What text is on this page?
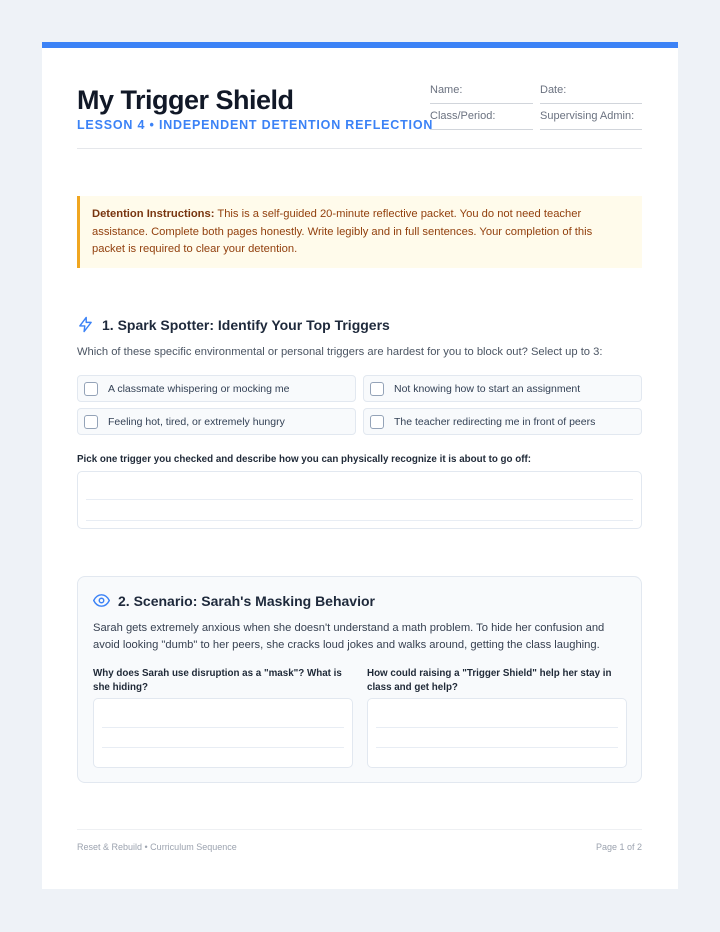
My Trigger Shield
LESSON 4 • INDEPENDENT DETENTION REFLECTION
Name:	Date:
Class/Period:	Supervising Admin:
Detention Instructions: This is a self-guided 20-minute reflective packet. You do not need teacher assistance. Complete both pages honestly. Write legibly and in full sentences. Your completion of this packet is required to clear your detention.
1. Spark Spotter: Identify Your Top Triggers
Which of these specific environmental or personal triggers are hardest for you to block out? Select up to 3:
A classmate whispering or mocking me	Not knowing how to start an assignment
Feeling hot, tired, or extremely hungry	The teacher redirecting me in front of peers
Pick one trigger you checked and describe how you can physically recognize it is about to go off:
2. Scenario: Sarah's Masking Behavior
Sarah gets extremely anxious when she doesn't understand a math problem. To hide her confusion and avoid looking "dumb" to her peers, she cracks loud jokes and walks around, getting the class laughing.
Why does Sarah use disruption as a "mask"? What is she hiding?
How could raising a "Trigger Shield" help her stay in class and get help?
Reset & Rebuild • Curriculum Sequence	Page 1 of 2
